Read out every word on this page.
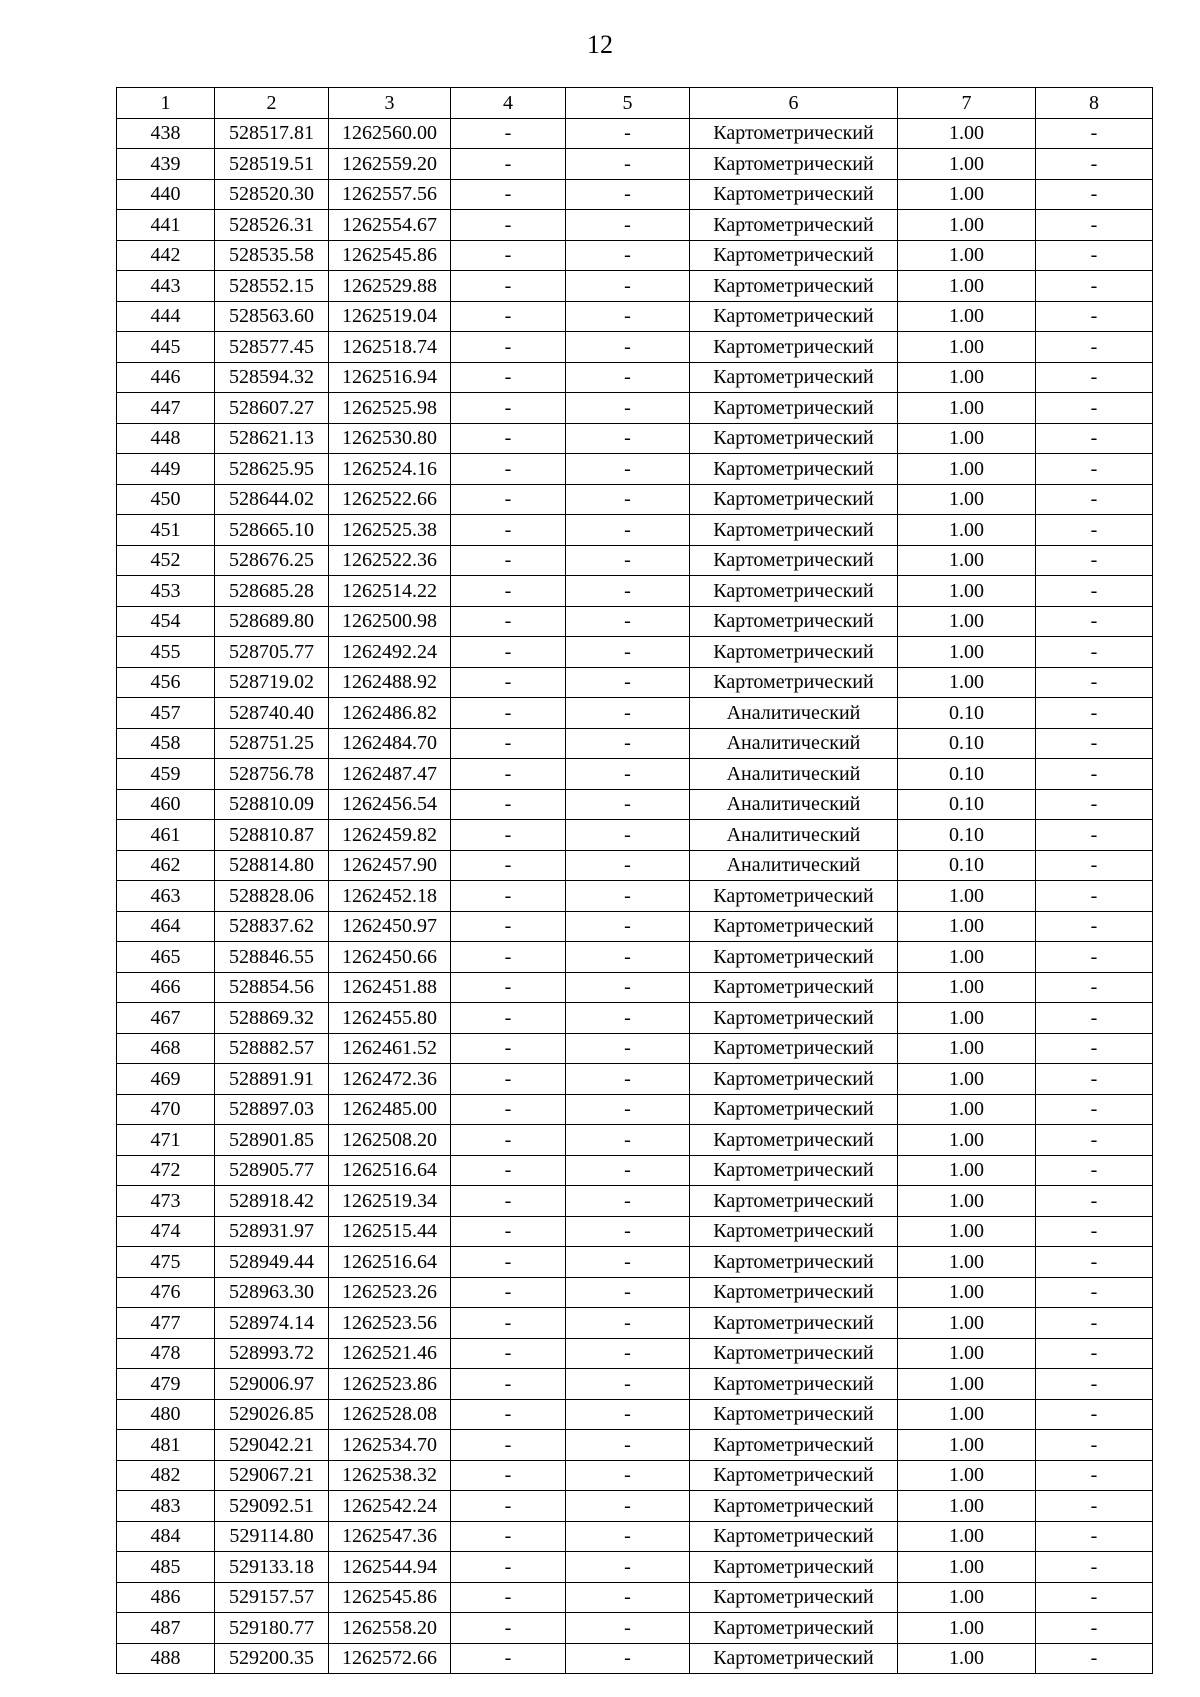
12
1	2	3	4	5	6	7	8
438	528517.81	1262560.00	-	-	Картометрический	1.00	-
439	528519.51	1262559.20	-	-	Картометрический	1.00	-
440	528520.30	1262557.56	-	-	Картометрический	1.00	-
441	528526.31	1262554.67	-	-	Картометрический	1.00	-
442	528535.58	1262545.86	-	-	Картометрический	1.00	-
443	528552.15	1262529.88	-	-	Картометрический	1.00	-
444	528563.60	1262519.04	-	-	Картометрический	1.00	-
445	528577.45	1262518.74	-	-	Картометрический	1.00	-
446	528594.32	1262516.94	-	-	Картометрический	1.00	-
447	528607.27	1262525.98	-	-	Картометрический	1.00	-
448	528621.13	1262530.80	-	-	Картометрический	1.00	-
449	528625.95	1262524.16	-	-	Картометрический	1.00	-
450	528644.02	1262522.66	-	-	Картометрический	1.00	-
451	528665.10	1262525.38	-	-	Картометрический	1.00	-
452	528676.25	1262522.36	-	-	Картометрический	1.00	-
453	528685.28	1262514.22	-	-	Картометрический	1.00	-
454	528689.80	1262500.98	-	-	Картометрический	1.00	-
455	528705.77	1262492.24	-	-	Картометрический	1.00	-
456	528719.02	1262488.92	-	-	Картометрический	1.00	-
457	528740.40	1262486.82	-	-	Аналитический	0.10	-
458	528751.25	1262484.70	-	-	Аналитический	0.10	-
459	528756.78	1262487.47	-	-	Аналитический	0.10	-
460	528810.09	1262456.54	-	-	Аналитический	0.10	-
461	528810.87	1262459.82	-	-	Аналитический	0.10	-
462	528814.80	1262457.90	-	-	Аналитический	0.10	-
463	528828.06	1262452.18	-	-	Картометрический	1.00	-
464	528837.62	1262450.97	-	-	Картометрический	1.00	-
465	528846.55	1262450.66	-	-	Картометрический	1.00	-
466	528854.56	1262451.88	-	-	Картометрический	1.00	-
467	528869.32	1262455.80	-	-	Картометрический	1.00	-
468	528882.57	1262461.52	-	-	Картометрический	1.00	-
469	528891.91	1262472.36	-	-	Картометрический	1.00	-
470	528897.03	1262485.00	-	-	Картометрический	1.00	-
471	528901.85	1262508.20	-	-	Картометрический	1.00	-
472	528905.77	1262516.64	-	-	Картометрический	1.00	-
473	528918.42	1262519.34	-	-	Картометрический	1.00	-
474	528931.97	1262515.44	-	-	Картометрический	1.00	-
475	528949.44	1262516.64	-	-	Картометрический	1.00	-
476	528963.30	1262523.26	-	-	Картометрический	1.00	-
477	528974.14	1262523.56	-	-	Картометрический	1.00	-
478	528993.72	1262521.46	-	-	Картометрический	1.00	-
479	529006.97	1262523.86	-	-	Картометрический	1.00	-
480	529026.85	1262528.08	-	-	Картометрический	1.00	-
481	529042.21	1262534.70	-	-	Картометрический	1.00	-
482	529067.21	1262538.32	-	-	Картометрический	1.00	-
483	529092.51	1262542.24	-	-	Картометрический	1.00	-
484	529114.80	1262547.36	-	-	Картометрический	1.00	-
485	529133.18	1262544.94	-	-	Картометрический	1.00	-
486	529157.57	1262545.86	-	-	Картометрический	1.00	-
487	529180.77	1262558.20	-	-	Картометрический	1.00	-
488	529200.35	1262572.66	-	-	Картометрический	1.00	-
